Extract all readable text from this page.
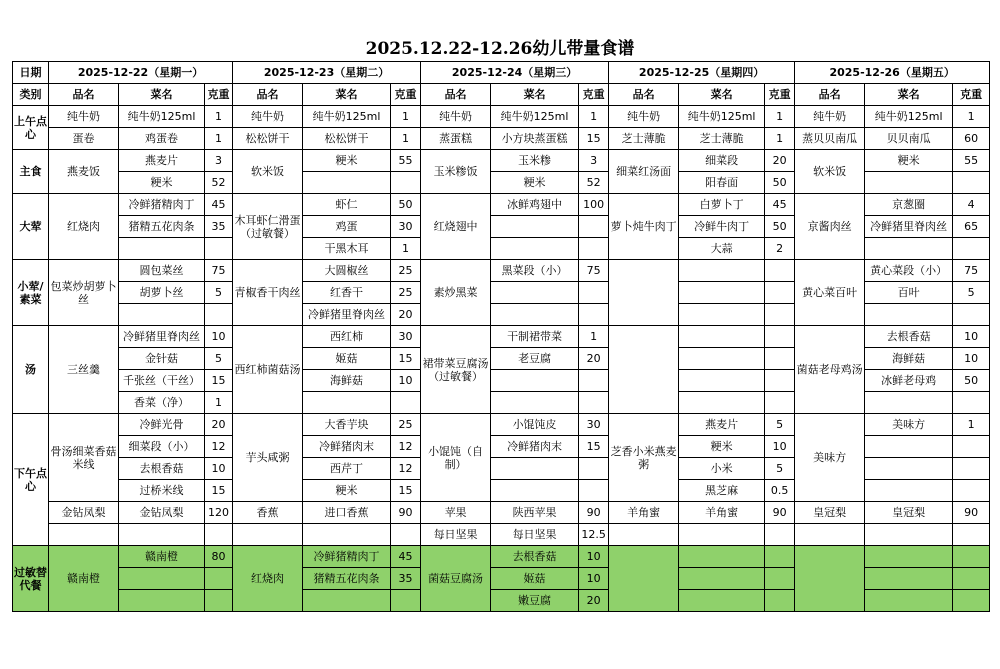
2025.12.22-12.26幼儿带量食谱
日期	2025-12-22（星期一）			2025-12-23（星期二）			2025-12-24（星期三）			2025-12-25（星期四）			2025-12-26（星期五）		
类别	品名	菜名	克重	品名	菜名	克重	品名	菜名	克重	品名	菜名	克重	品名	菜名	克重
上午点心	纯牛奶	纯牛奶125ml	1	纯牛奶	纯牛奶125ml	1	纯牛奶	纯牛奶125ml	1	纯牛奶	纯牛奶125ml	1	纯牛奶	纯牛奶125ml	1
	蛋卷	鸡蛋卷	1	松松饼干	松松饼干	1	蒸蛋糕	小方块蒸蛋糕	15	芝士薄脆	芝士薄脆	1	蒸贝贝南瓜	贝贝南瓜	60
主食	燕麦饭	燕麦片	3	软米饭	粳米	55	玉米糁饭	玉米糁	3	细菜红汤面	细菜段	20	软米饭	粳米	55
		粳米	52					粳米	52		阳春面	50			
大荤	红烧肉	冷鲜猪精肉丁	45	木耳虾仁滑蛋（过敏餐）	虾仁	50	红烧翅中	冰鲜鸡翅中	100	萝卜炖牛肉丁	白萝卜丁	45	京酱肉丝	京葱圈	4
		猪精五花肉条	35		鸡蛋	30					冷鲜牛肉丁	50		冷鲜猪里脊肉丝	65
					干黑木耳	1					大蒜	2			
小荤/素菜	包菜炒胡萝卜丝	圆包菜丝	75	青椒香干肉丝	大圆椒丝	25	素炒黑菜	黑菜段（小）	75				黄心菜百叶	黄心菜段（小）	75
		胡萝卜丝	5		红香干	25								百叶	5
					冷鲜猪里脊肉丝	20									
汤	三丝羹	冷鲜猪里脊肉丝	10	西红柿菌菇汤	西红柿	30	裙带菜豆腐汤（过敏餐）	干制裙带菜	1				菌菇老母鸡汤	去根香菇	10
		金针菇	5		姬菇	15		老豆腐	20					海鲜菇	10
		千张丝（干丝）	15		海鲜菇	10								冰鲜老母鸡	50
		香菜（净）	1												
下午点心	骨汤细菜香菇米线	冷鲜光骨	20	芋头咸粥	大香芋块	25	小馄饨（自制）	小馄饨皮	30	芝香小米燕麦粥	燕麦片	5	美味方	美味方	1
		细菜段（小）	12		冷鲜猪肉末	12		冷鲜猪肉末	15		粳米	10			
		去根香菇	10		西芹丁	12					小米	5			
		过桥米线	15		粳米	15					黑芝麻	0.5			
	金钻凤梨	金钻凤梨	120	香蕉	进口香蕉	90	苹果	陕西苹果	90	羊角蜜	羊角蜜	90	皇冠梨	皇冠梨	90
							每日坚果	每日坚果	12.5						
过敏替代餐	赣南橙	赣南橙	80	红烧肉	冷鲜猪精肉丁	45	菌菇豆腐汤	去根香菇	10						
					猪精五花肉条	35		姬菇	10						
								嫩豆腐	20						
